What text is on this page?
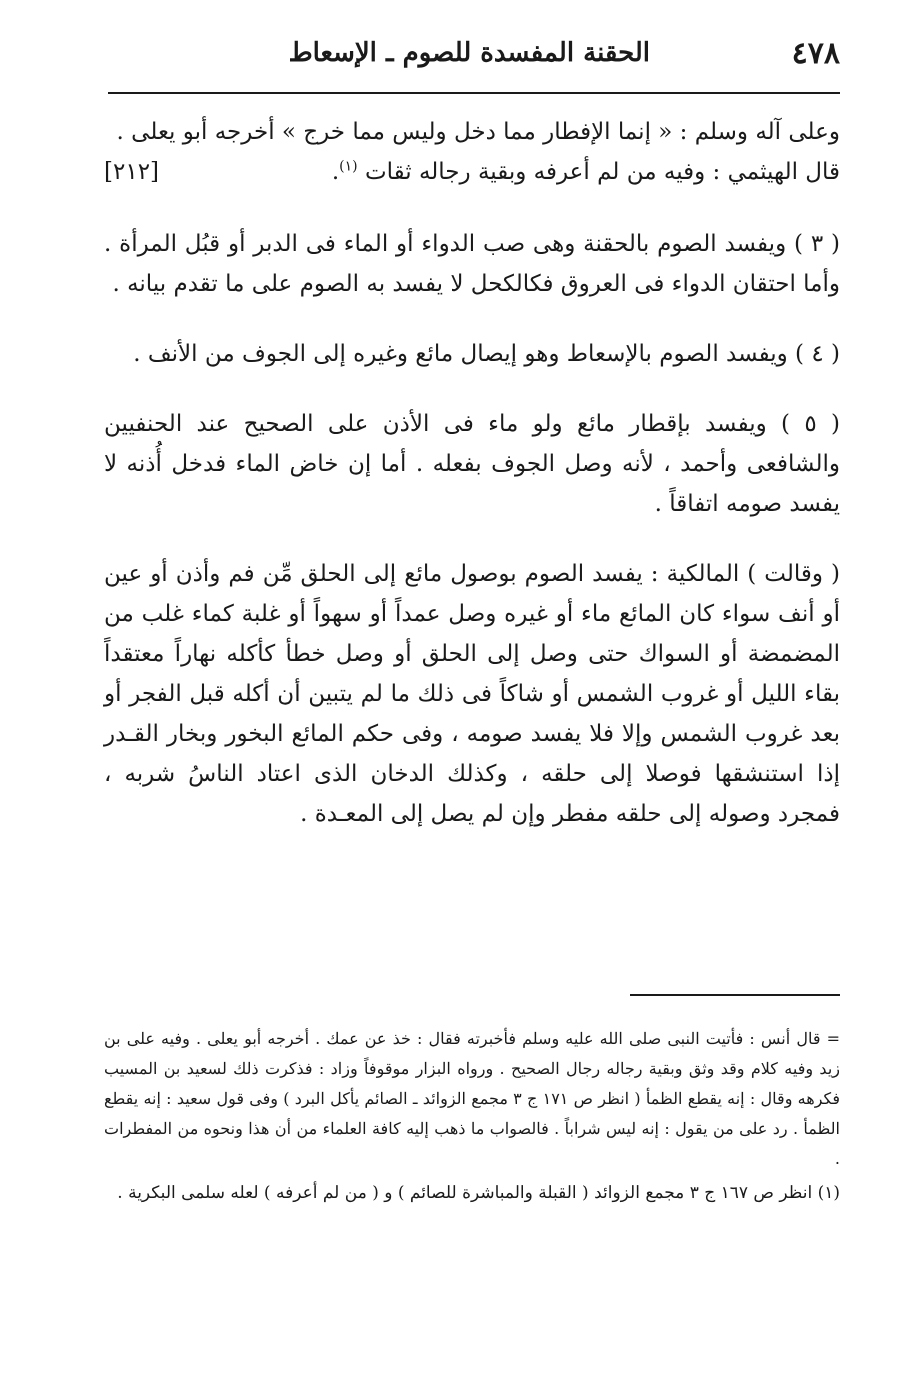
٤٧٨
الحقنة المفسدة للصوم ـ الإسعاط

وعلى آله وسلم : « إنما الإفطار مما دخل وليس مما خرج » أخرجه أبو يعلى .

قال الهيثمي : وفيه من لم أعرفه وبقية رجاله ثقات $^{(١)}$.
[٢١٢]

( ٣ ) ويفسد الصوم بالحقنة وهى صب الدواء أو الماء فى الدبر أو قبُل المرأة . وأما احتقان الدواء فى العروق فكالكحل لا يفسد به الصوم على ما تقدم بيانه .

( ٤ ) ويفسد الصوم بالإسعاط وهو إيصال مائع وغيره إلى الجوف من الأنف .

( ٥ ) ويفسد بإقطار مائع ولو ماء فى الأذن على الصحيح عند الحنفيين والشافعى وأحمد ، لأنه وصل الجوف بفعله . أما إن خاض الماء فدخل أُذنه لا يفسد صومه اتفاقاً .

( وقالت ) المالكية : يفسد الصوم بوصول مائع إلى الحلق مِّن فم وأذن أو عين أو أنف سواء كان المائع ماء أو غيره وصل عمداً أو سهواً أو غلبة كماء غلب من المضمضة أو السواك حتى وصل إلى الحلق أو وصل خطأ كأكله نهاراً معتقداً بقاء الليل أو غروب الشمس أو شاكاً فى ذلك ما لم يتبين أن أكله قبل الفجر أو بعد غروب الشمس وإلا فلا يفسد صومه ، وفى حكم المائع البخور وبخار القـدر إذا استنشقها فوصلا إلى حلقه ، وكذلك الدخان الذى اعتاد الناسُ شربه ، فمجرد وصوله إلى حلقه مفطر وإن لم يصل إلى المعـدة .

= قال أنس : فأتيت النبى صلى الله عليه وسلم فأخبرته فقال : خذ عن عمك . أخرجه أبو يعلى . وفيه على بن زيد وفيه كلام وقد وثق وبقية رجاله رجال الصحيح . ورواه البزار موقوفاً وزاد : فذكرت ذلك لسعيد بن المسيب فكرهه وقال : إنه يقطع الظمأ ( انظر ص ١٧١ ج ٣ مجمع الزوائد ـ الصائم يأكل البرد ) وفى قول سعيد : إنه يقطع الظمأ . رد على من يقول : إنه ليس شراباً . فالصواب ما ذهب إليه كافة العلماء من أن هذا ونحوه من المفطرات .

(١) انظر ص ١٦٧ ج ٣ مجمع الزوائد ( القبلة والمباشرة للصائم ) و ( من لم أعرفه ) لعله سلمى البكرية .
